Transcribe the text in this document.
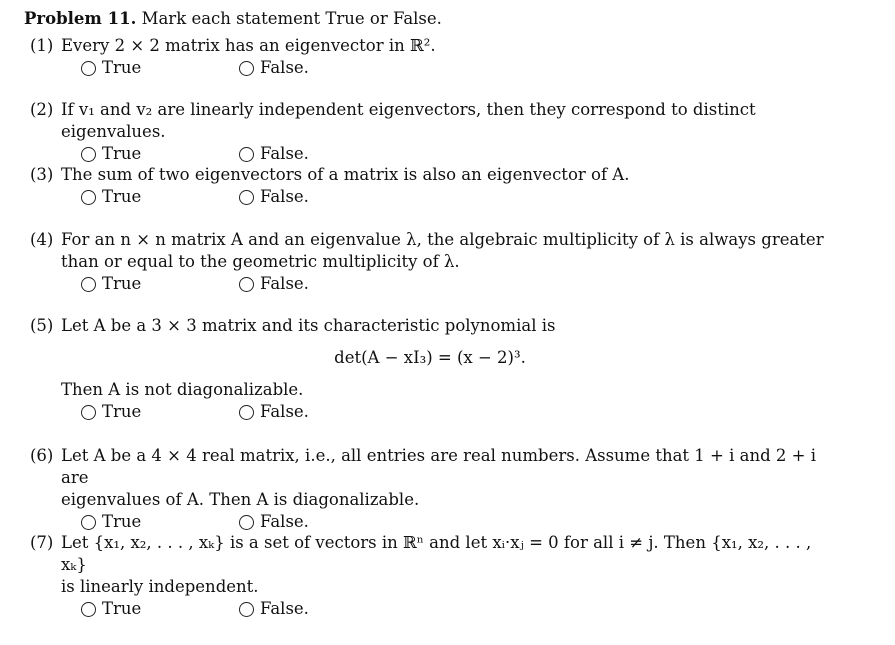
Problem 11. Mark each statement True or False.
(1) Every 2 × 2 matrix has an eigenvector in ℝ².
True	False.
(2) If v₁ and v₂ are linearly independent eigenvectors, then they correspond to distinct eigenvalues.
True	False.
(3) The sum of two eigenvectors of a matrix is also an eigenvector of A.
True	False.
(4) For an n × n matrix A and an eigenvalue λ, the algebraic multiplicity of λ is always greater
than or equal to the geometric multiplicity of λ.
True	False.
(5) Let A be a 3 × 3 matrix and its characteristic polynomial is
det(A − xI₃) = (x − 2)³.
Then A is not diagonalizable.
True	False.
(6) Let A be a 4 × 4 real matrix, i.e., all entries are real numbers. Assume that 1 + i and 2 + i are
eigenvalues of A. Then A is diagonalizable.
True	False.
(7) Let {x₁, x₂, . . . , xₖ} is a set of vectors in ℝⁿ and let xᵢ·xⱼ = 0 for all i ≠ j. Then {x₁, x₂, . . . , xₖ}
is linearly independent.
True	False.
